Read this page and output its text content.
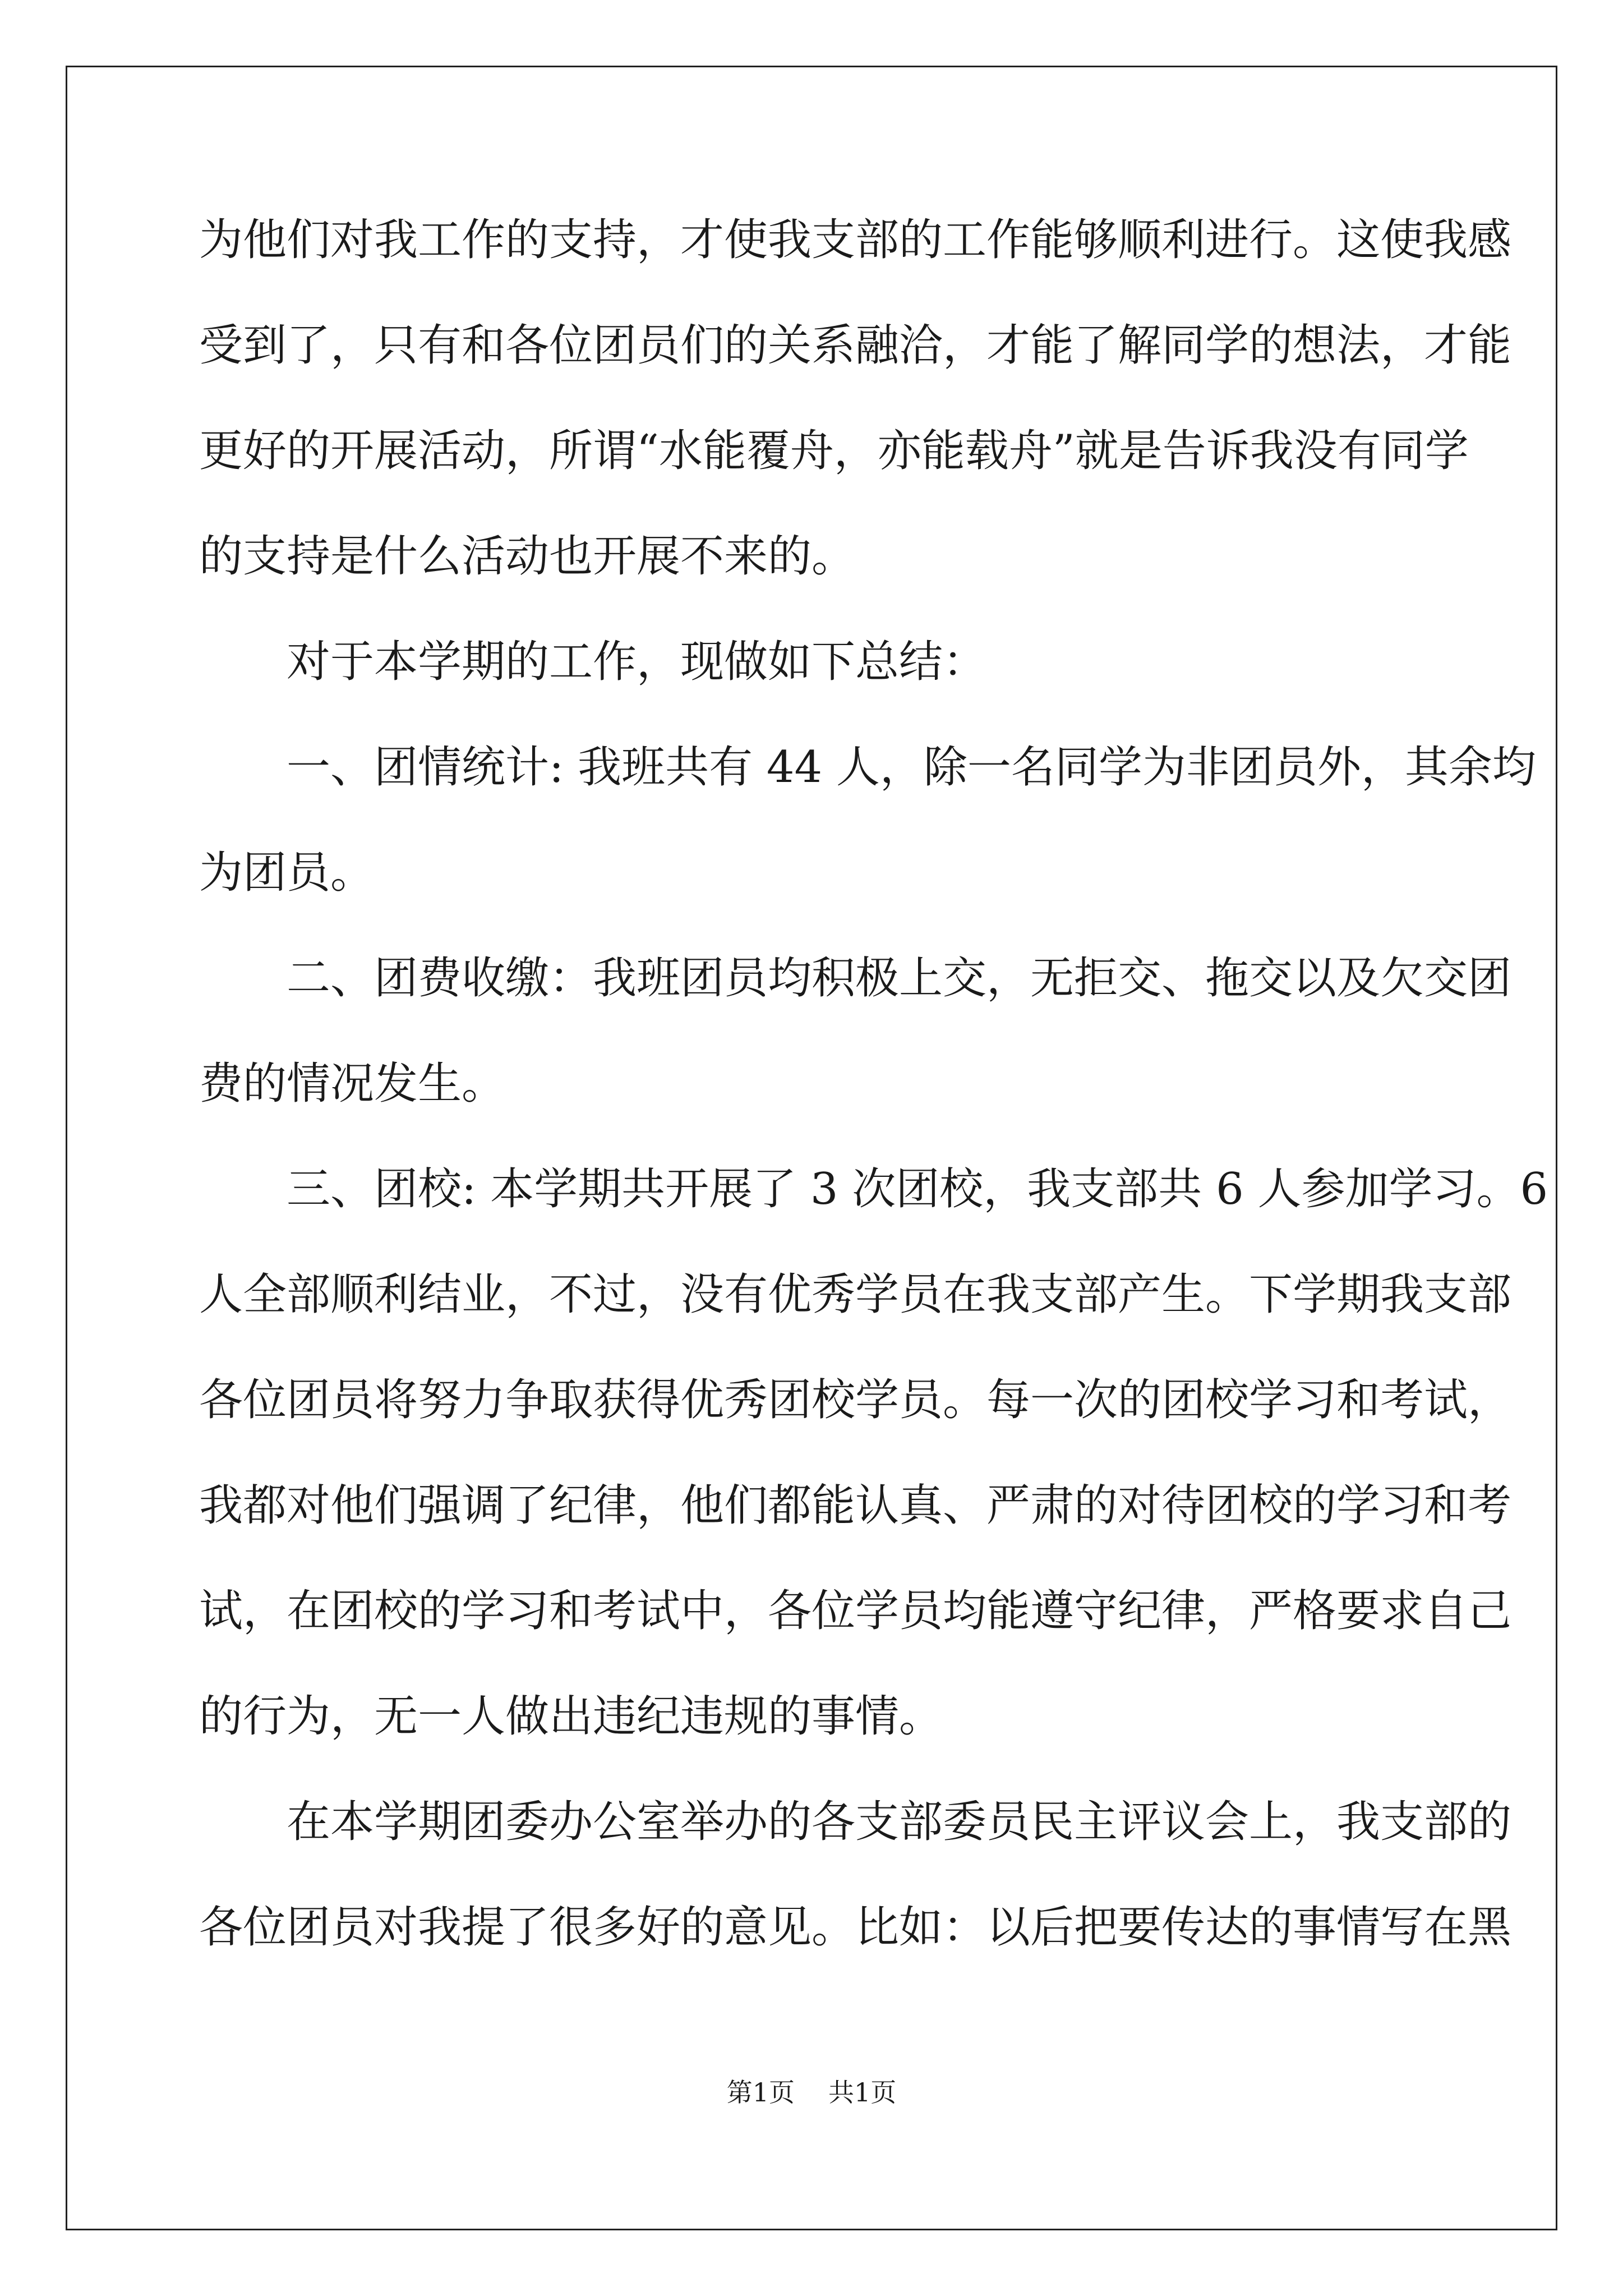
为他们对我工作的支持，才使我支部的工作能够顺利进行。这使我感
受到了，只有和各位团员们的关系融洽，才能了解同学的想法，才能
更好的开展活动，所谓“水能覆舟，亦能载舟”就是告诉我没有同学
的支持是什么活动也开展不来的。
　　对于本学期的工作，现做如下总结：
　　一、团情统计: 我班共有 44 人，除一名同学为非团员外，其余均
为团员。
　　二、团费收缴：我班团员均积极上交，无拒交、拖交以及欠交团
费的情况发生。
　　三、团校: 本学期共开展了 3 次团校，我支部共 6 人参加学习。6
人全部顺利结业，不过，没有优秀学员在我支部产生。下学期我支部
各位团员将努力争取获得优秀团校学员。每一次的团校学习和考试，
我都对他们强调了纪律，他们都能认真、严肃的对待团校的学习和考
试，在团校的学习和考试中，各位学员均能遵守纪律，严格要求自己
的行为，无一人做出违纪违规的事情。
　　在本学期团委办公室举办的各支部委员民主评议会上，我支部的
各位团员对我提了很多好的意见。比如：以后把要传达的事情写在黑
第1页 共1页
